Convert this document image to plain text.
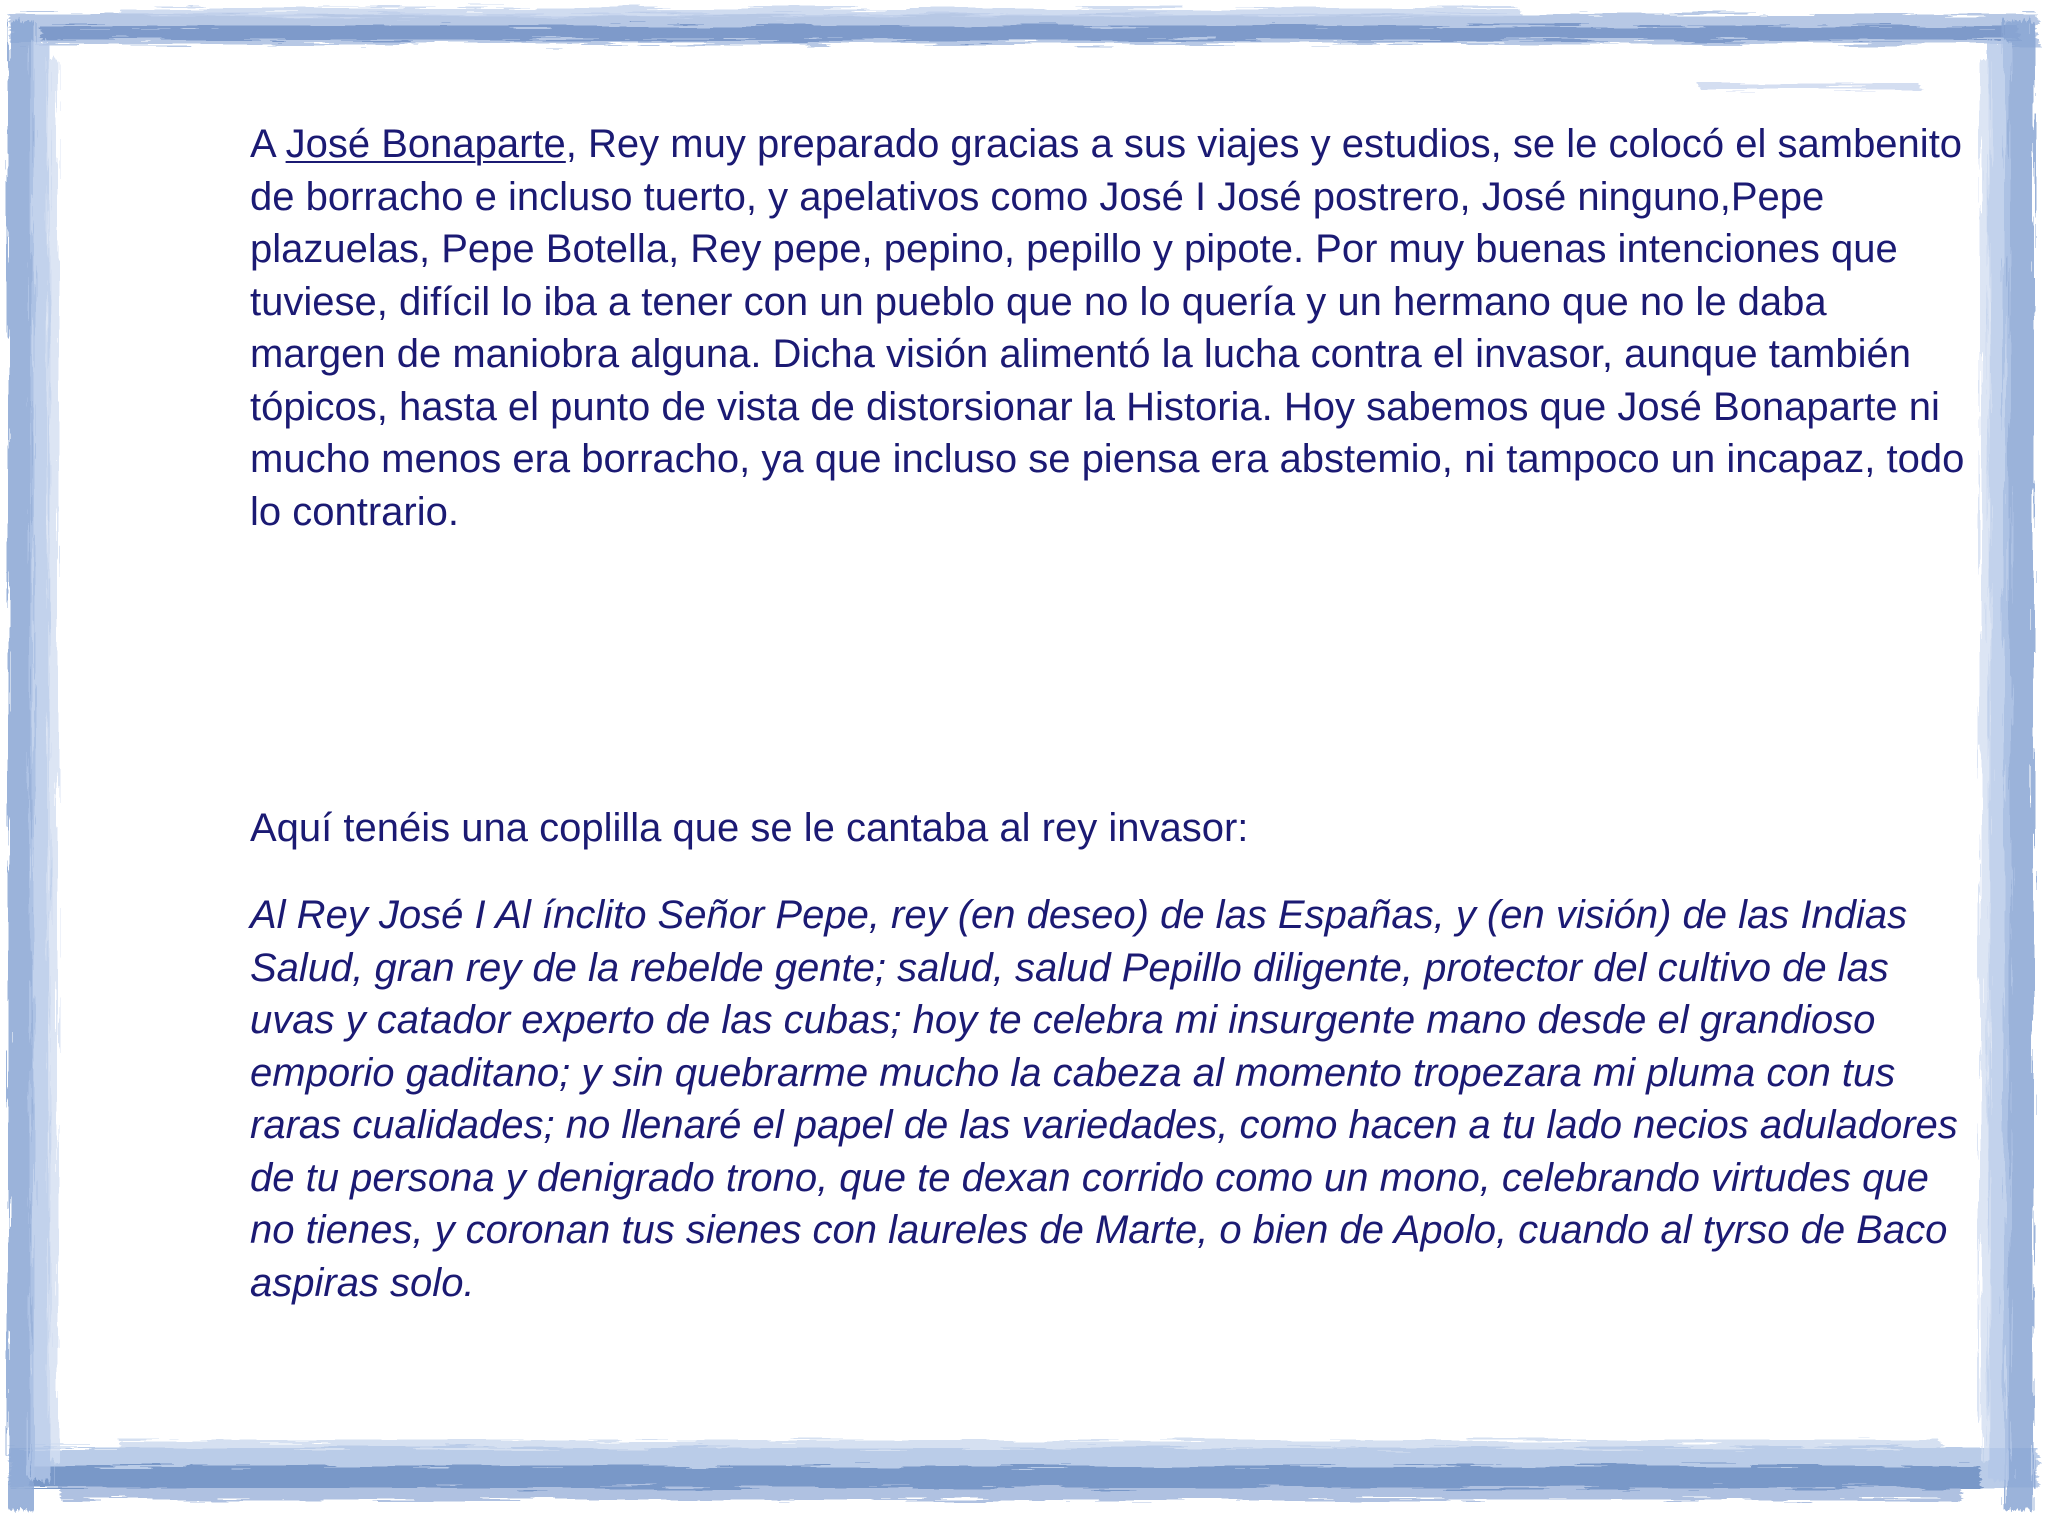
A José Bonaparte, Rey muy preparado gracias a sus viajes y estudios, se le colocó el sambenito de borracho e incluso tuerto, y apelativos como José I José postrero, José ninguno,Pepe plazuelas, Pepe Botella, Rey pepe, pepino, pepillo y pipote. Por muy buenas intenciones que tuviese, difícil lo iba a tener con un pueblo que no lo quería y un hermano que no le daba margen de maniobra alguna. Dicha visión alimentó la lucha contra el invasor, aunque también tópicos, hasta el punto de vista de distorsionar la Historia. Hoy sabemos que José Bonaparte ni mucho menos era borracho, ya que incluso se piensa era abstemio, ni tampoco un incapaz, todo lo contrario.
Aquí tenéis una coplilla que se le cantaba al rey invasor:
Al Rey José I Al ínclito Señor Pepe, rey (en deseo) de las Españas, y (en visión) de las Indias Salud, gran rey de la rebelde gente; salud, salud Pepillo diligente, protector del cultivo de las uvas y catador experto de las cubas; hoy te celebra mi insurgente mano desde el grandioso emporio gaditano; y sin quebrarme mucho la cabeza al momento tropezara mi pluma con tus raras cualidades; no llenaré el papel de las variedades, como hacen a tu lado necios aduladores de tu persona y denigrado trono, que te dexan corrido como un mono, celebrando virtudes que no tienes, y coronan tus sienes con laureles de Marte, o bien de Apolo, cuando al tyrso de Baco aspiras solo.
